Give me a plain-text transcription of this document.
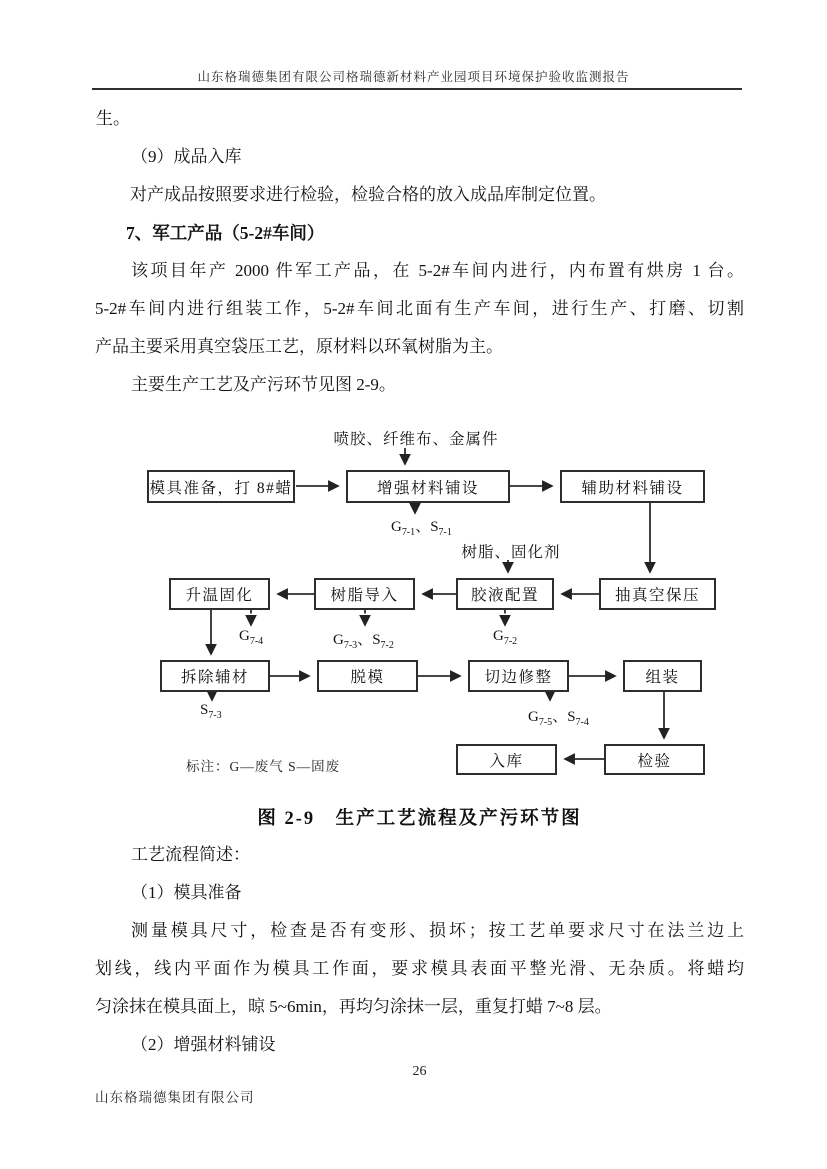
山东格瑞德集团有限公司格瑞德新材料产业园项目环境保护验收监测报告
生。
（9）成品入库
对产成品按照要求进行检验，检验合格的放入成品库制定位置。
7、军工产品（5-2#车间）
该项目年产 2000 件军工产品，在 5-2#车间内进行，内布置有烘房 1 台。
5-2#车间内进行组装工作，5-2#车间北面有生产车间，进行生产、打磨、切割
产品主要采用真空袋压工艺，原材料以环氧树脂为主。
主要生产工艺及产污环节见图 2-9。
喷胶、纤维布、金属件
树脂、固化剂
模具准备，打 8#蜡	增强材料铺设	辅助材料铺设
抽真空保压
胶液配置
树脂导入
升温固化
拆除辅材	脱模	切边修整	组装
入库	检验
$G_{7-1}$、$S_{7-1}$
$G_{7-4}$	$G_{7-3}$、$S_{7-2}$
$G_{7-2}$
$S_{7-3}$	$G_{7-5}$、$S_{7-4}$
标注：G—废气 S—固废
图 2-9　生产工艺流程及产污环节图
工艺流程简述：
（1）模具准备
测量模具尺寸，检查是否有变形、损坏；按工艺单要求尺寸在法兰边上
划线，线内平面作为模具工作面，要求模具表面平整光滑、无杂质。将蜡均
匀涂抹在模具面上，晾 5~6min，再均匀涂抹一层，重复打蜡 7~8 层。
（2）增强材料铺设
26
山东格瑞德集团有限公司
